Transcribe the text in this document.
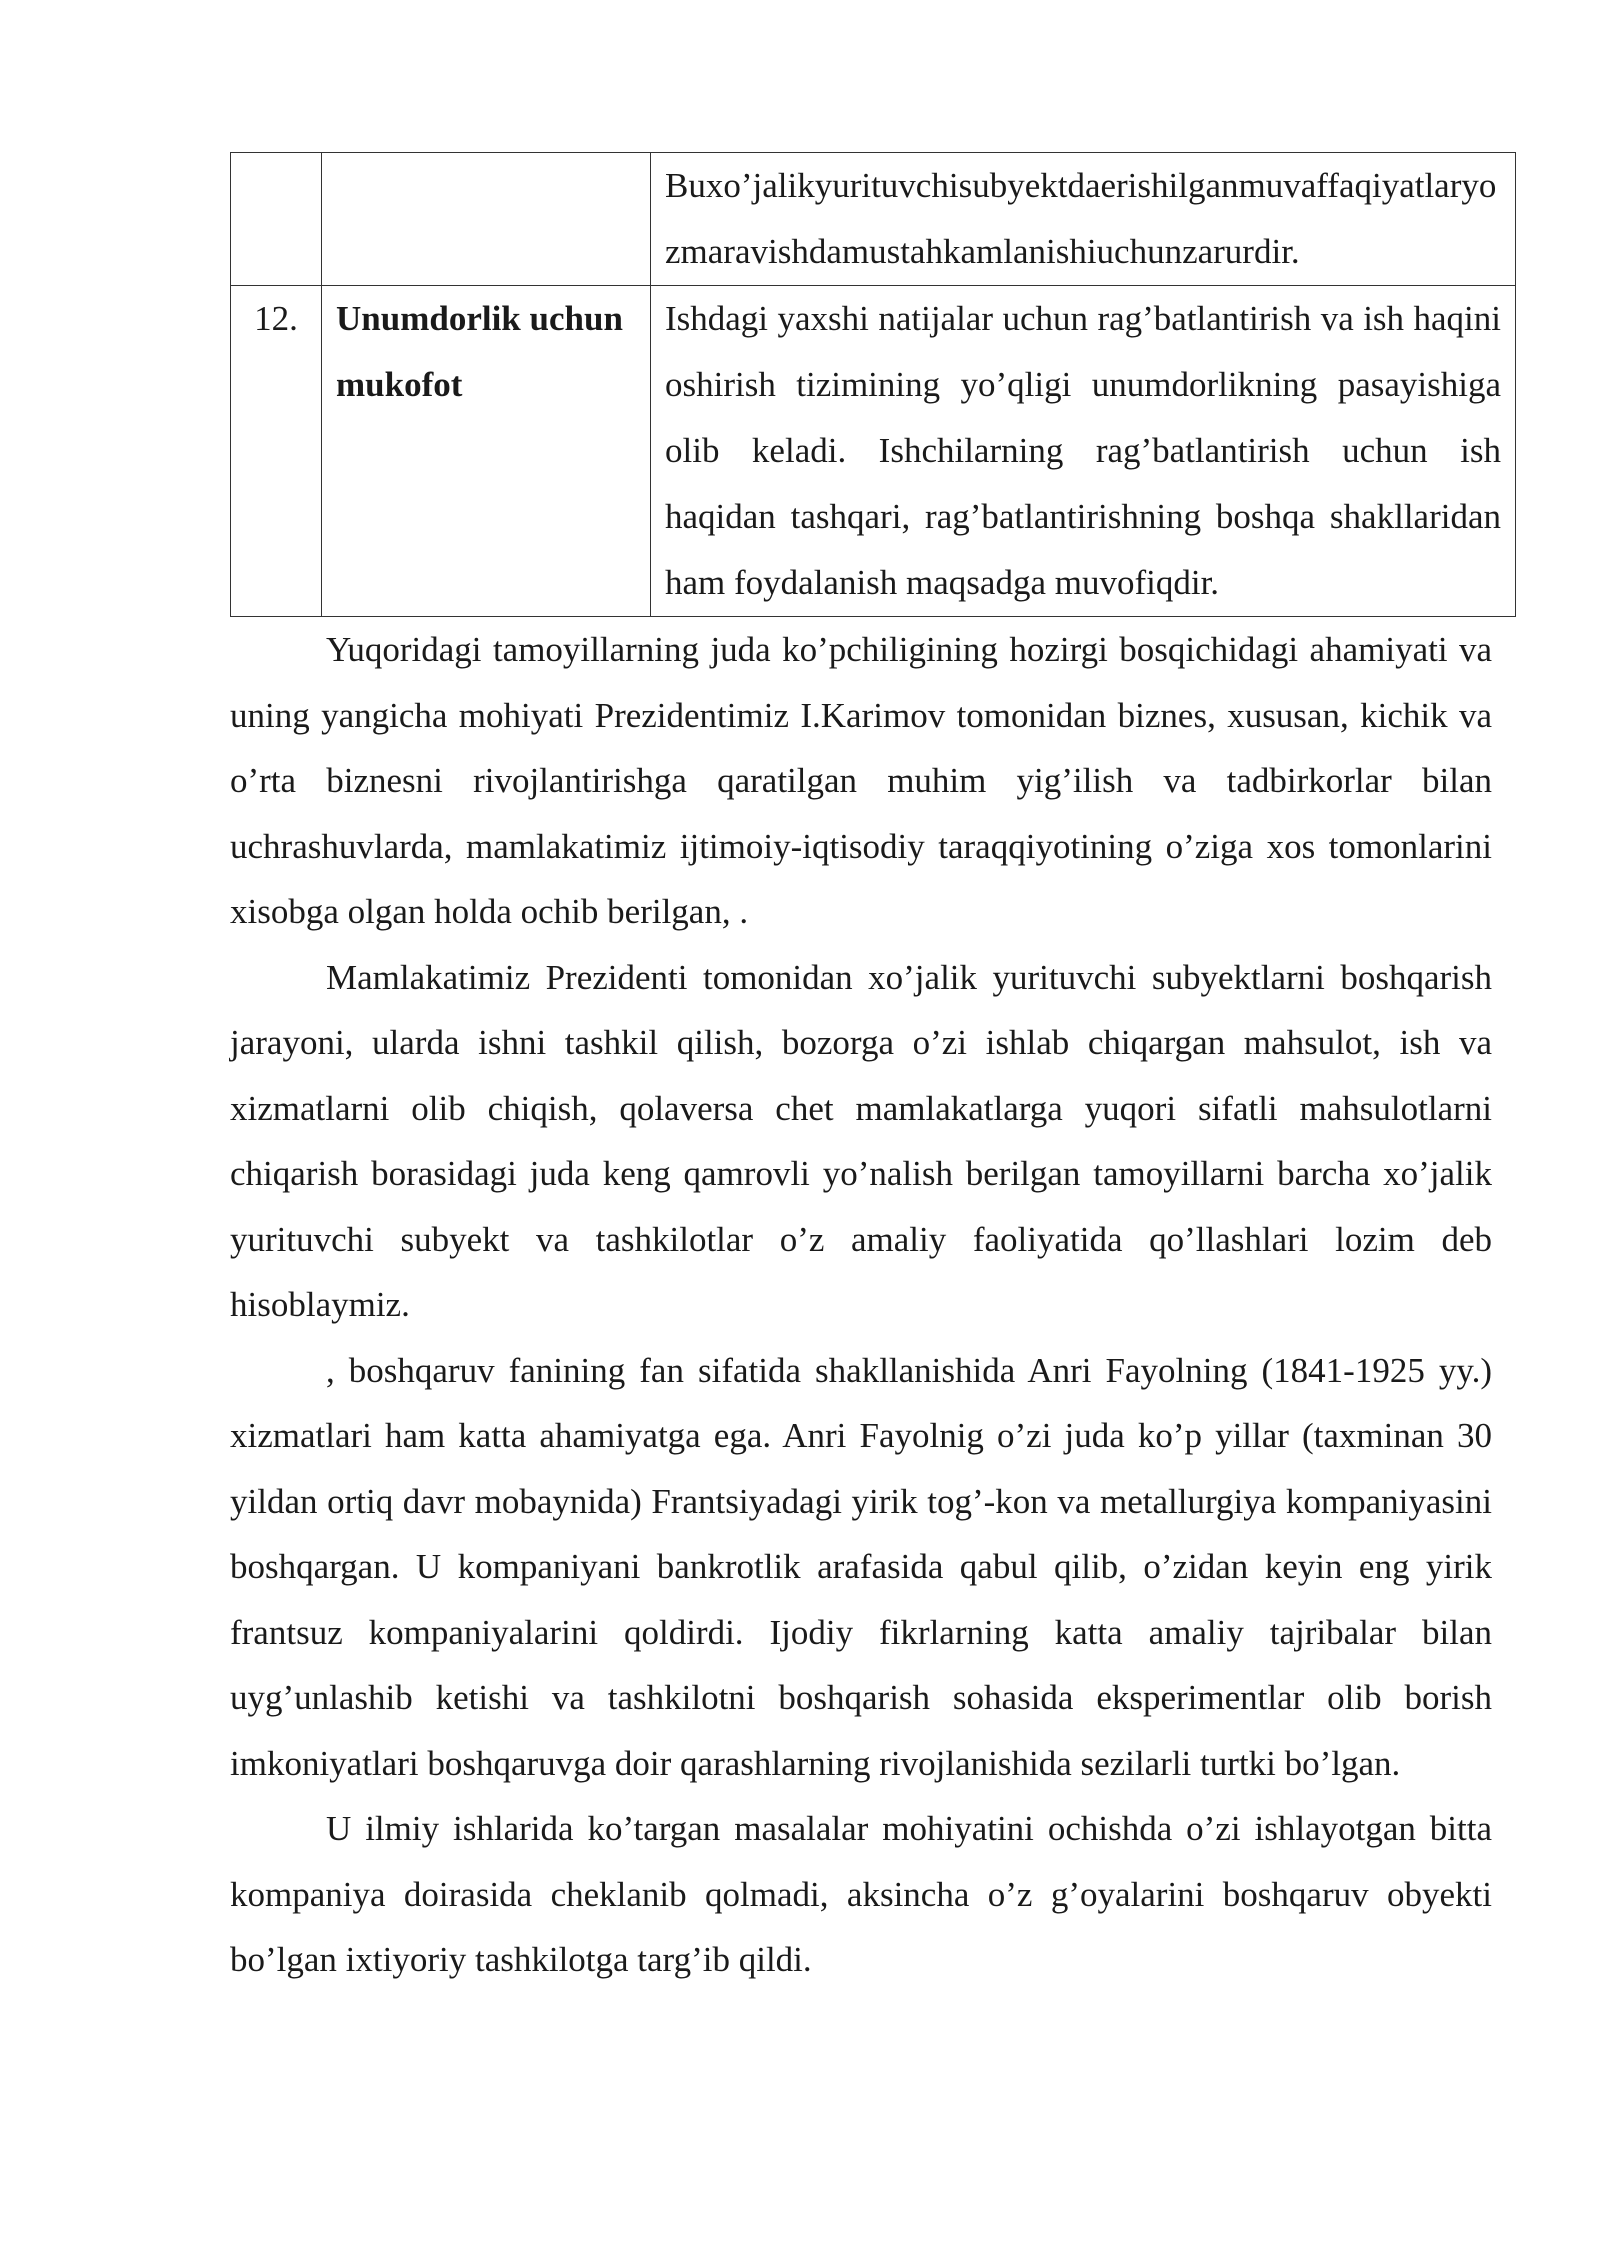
		Buxo’jalikyurituvchisubyektdaerishilganmuvaffaqiyatlaryozmaravishdamustahkamlanishiuchunzarurdir.
12.	Unumdorlik uchun mukofot	Ishdagi yaxshi natijalar uchun rag’batlantirish va ish haqini oshirish tizimining yo’qligi unumdorlikning pasayishiga olib keladi. Ishchilarning rag’batlantirish uchun ish haqidan tashqari, rag’batlantirishning boshqa shakllaridan ham foydalanish maqsadga muvofiqdir.

Yuqoridagi tamoyillarning juda ko’pchiligining hozirgi bosqichidagi ahamiyati va uning yangicha mohiyati Prezidentimiz I.Karimov tomonidan biznes, xususan, kichik va o’rta biznesni rivojlantirishga qaratilgan muhim yig’ilish va tadbirkorlar bilan uchrashuvlarda, mamlakatimiz ijtimoiy-iqtisodiy taraqqiyotining o’ziga xos tomonlarini xisobga olgan holda ochib berilgan, .

Mamlakatimiz Prezidenti tomonidan xo’jalik yurituvchi subyektlarni boshqarish jarayoni, ularda ishni tashkil qilish, bozorga o’zi ishlab chiqargan mahsulot, ish va xizmatlarni olib chiqish, qolaversa chet mamlakatlarga yuqori sifatli mahsulotlarni chiqarish borasidagi juda keng qamrovli yo’nalish berilgan tamoyillarni barcha xo’jalik yurituvchi subyekt va tashkilotlar o’z amaliy faoliyatida qo’llashlari lozim deb hisoblaymiz.

, boshqaruv fanining fan sifatida shakllanishida Anri Fayolning (1841-1925 yy.) xizmatlari ham katta ahamiyatga ega. Anri Fayolnig o’zi juda ko’p yillar (taxminan 30 yildan ortiq davr mobaynida) Frantsiyadagi yirik tog’-kon va metallurgiya kompaniyasini boshqargan. U kompaniyani bankrotlik arafasida qabul qilib, o’zidan keyin eng yirik frantsuz kompaniyalarini qoldirdi. Ijodiy fikrlarning katta amaliy tajribalar bilan uyg’unlashib ketishi va tashkilotni boshqarish sohasida eksperimentlar olib borish imkoniyatlari boshqaruvga doir qarashlarning rivojlanishida sezilarli turtki bo’lgan.

U ilmiy ishlarida ko’targan masalalar mohiyatini ochishda o’zi ishlayotgan bitta kompaniya doirasida cheklanib qolmadi, aksincha o’z g’oyalarini boshqaruv obyekti bo’lgan ixtiyoriy tashkilotga targ’ib qildi.
